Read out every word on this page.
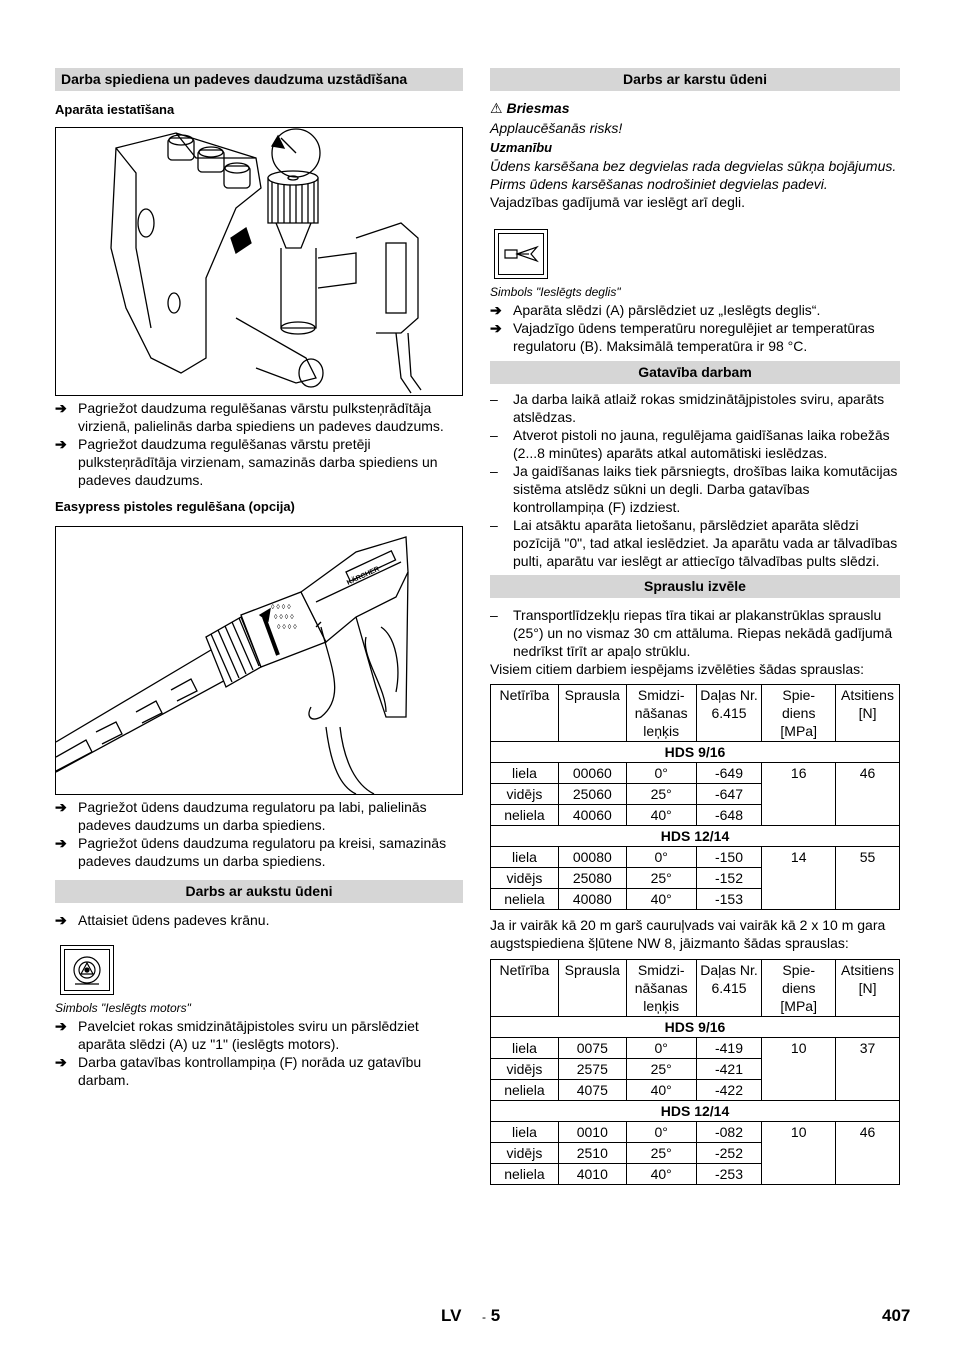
Darba spiediena un padeves daudzuma uzstādīšana
Aparāta iestatīšana
➔ Pagriežot daudzuma regulēšanas vārstu pulksteņrādītāja virzienā, palielinās darba spiediens un padeves daudzums.
➔ Pagriežot daudzuma regulēšanas vārstu pretēji pulksteņrādītāja virzienam, samazinās darba spiediens un padeves daudzums.
Easypress pistoles regulēšana (opcija)
◊ ◊ ◊ ◊
◊ ◊ ◊ ◊
◊ ◊ ◊ ◊
KÄRCHER
➔ Pagriežot ūdens daudzuma regulatoru pa labi, palielinās padeves daudzums un darba spiediens.
➔ Pagriežot ūdens daudzuma regulatoru pa kreisi, samazinās padeves daudzums un darba spiediens.
Darbs ar aukstu ūdeni
➔ Attaisiet ūdens padeves krānu.
Simbols "Ieslēgts motors"
➔ Pavelciet rokas smidzinātājpistoles sviru un pārslēdziet aparāta slēdzi (A) uz "1" (ieslēgts motors).
➔ Darba gatavības kontrollampiņa (F) norāda uz gatavību darbam.
Darbs ar karstu ūdeni
⚠ Briesmas
Applaucēšanās risks!
Uzmanību
Ūdens karsēšana bez degvielas rada degvielas sūkņa bojājumus. Pirms ūdens karsēšanas nodrošiniet degvielas padevi.
Vajadzības gadījumā var ieslēgt arī degli.
Simbols "Ieslēgts deglis"
➔ Aparāta slēdzi (A) pārslēdziet uz „Ieslēgts deglis“.
➔ Vajadzīgo ūdens temperatūru noregulējiet ar temperatūras regulatoru (B). Maksimālā temperatūra ir 98 °C.
Gatavība darbam
– Ja darba laikā atlaiž rokas smidzinātājpistoles sviru, aparāts atslēdzas.
– Atverot pistoli no jauna, regulējama gaidīšanas laika robežās (2...8 minūtes) aparāts atkal automātiski ieslēdzas.
– Ja gaidīšanas laiks tiek pārsniegts, drošības laika komutācijas sistēma atslēdz sūkni un degli. Darba gatavības kontrollampiņa (F) izdziest.
– Lai atsāktu aparāta lietošanu, pārslēdziet aparāta slēdzi pozīcijā "0", tad atkal ieslēdziet. Ja aparātu vada ar tālvadības pulti, aparātu var ieslēgt ar attiecīgo tālvadības pults slēdzi.
Sprauslu izvēle
– Transportlīdzekļu riepas tīra tikai ar plakanstrūklas sprauslu (25°) un no vismaz 30 cm attāluma. Riepas nekādā gadījumā nedrīkst tīrīt ar apaļo strūklu.
Visiem citiem darbiem iespējams izvēlēties šādas sprauslas:
Netīrība	Sprausla	Smidzi-
nāšanas
leņķis	Daļas Nr.
6.415	Spie-
diens
[MPa]	Atsitiens
[N]
HDS 9/16					
liela	00060	0°	-649	16	46
vidējs	25060	25°	-647		
neliela	40060	40°	-648		
HDS 12/14					
liela	00080	0°	-150	14	55
vidējs	25080	25°	-152		
neliela	40080	40°	-153		
Ja ir vairāk kā 20 m garš cauruļvads vai vairāk kā 2 x 10 m gara augstspiediena šļūtene NW 8, jāizmanto šādas sprauslas:
Netīrība	Sprausla	Smidzi-
nāšanas
leņķis	Daļas Nr.
6.415	Spie-
diens
[MPa]	Atsitiens
[N]
HDS 9/16					
liela	0075	0°	-419	10	37
vidējs	2575	25°	-421		
neliela	4075	40°	-422		
HDS 12/14					
liela	0010	0°	-082	10	46
vidējs	2510	25°	-252		
neliela	4010	40°	-253		
LV - 5	407
